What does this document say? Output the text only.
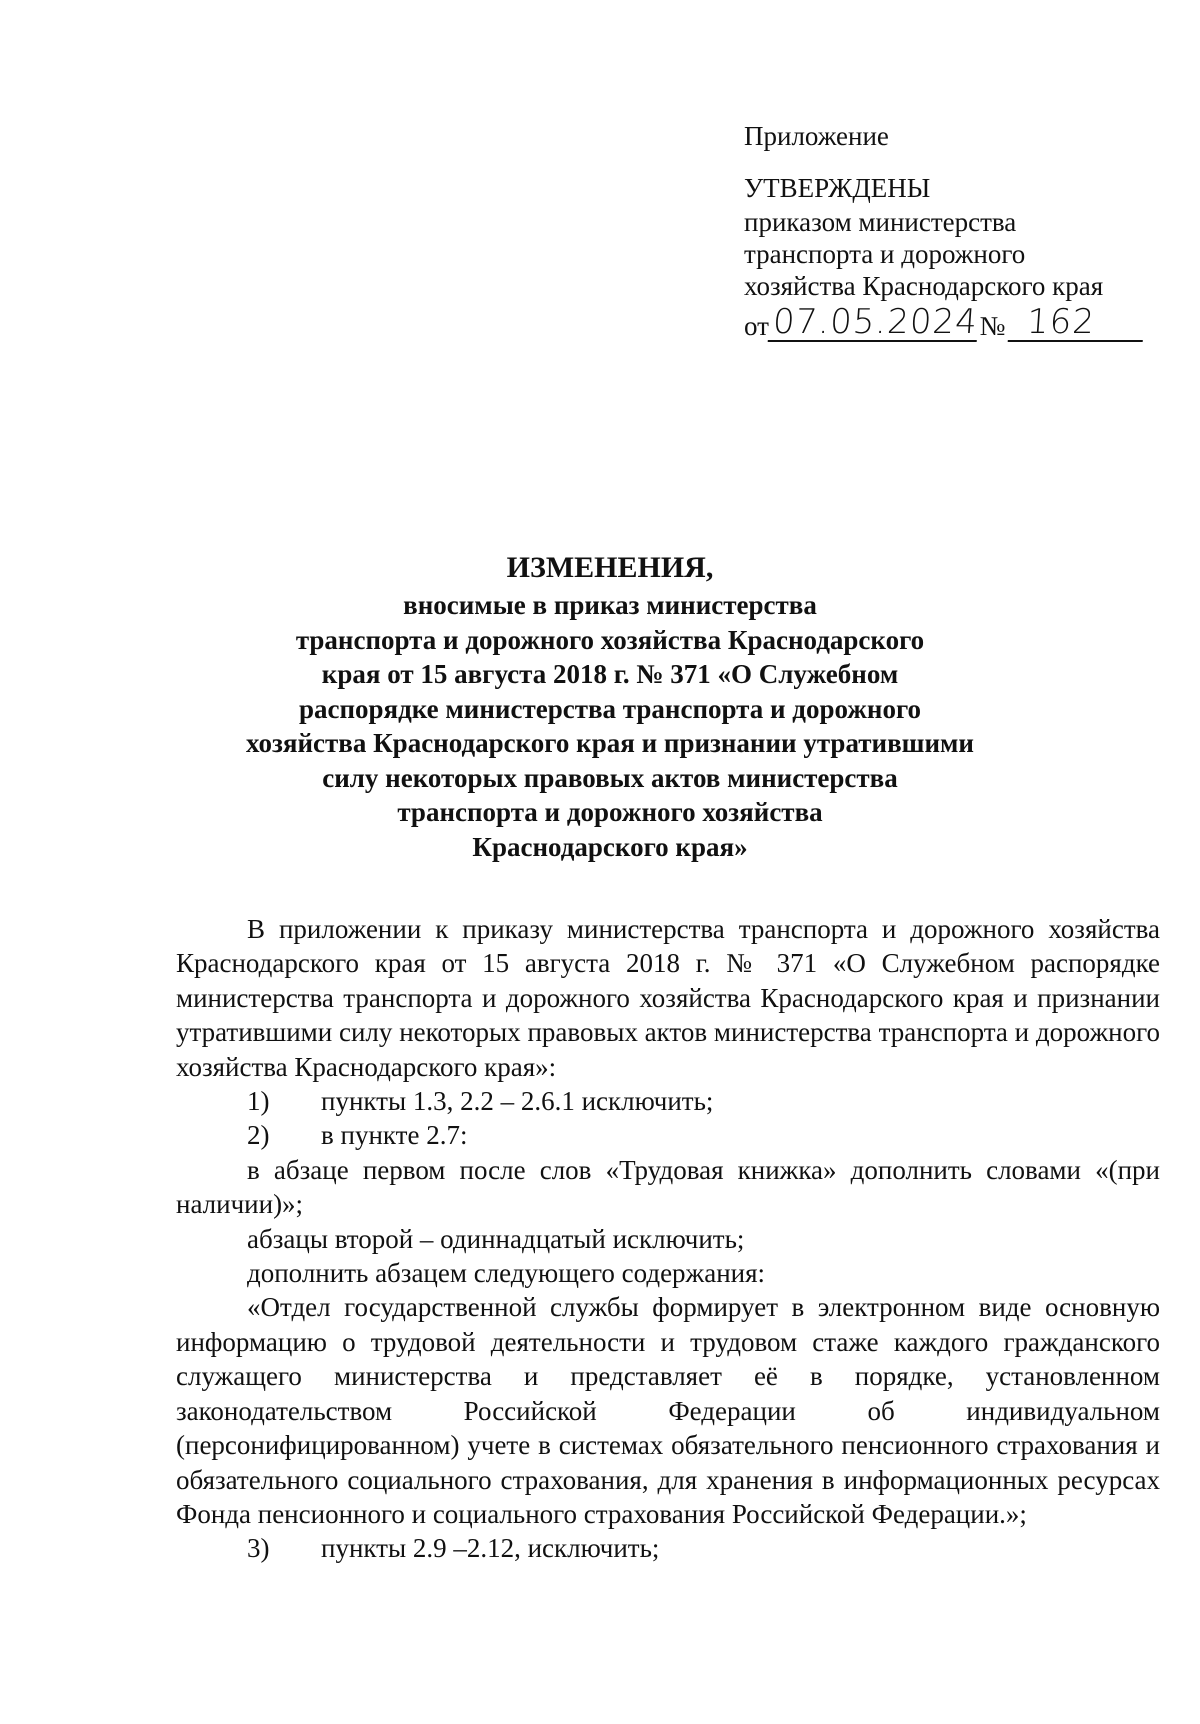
Приложение
УТВЕРЖДЕНЫ
приказом министерства
транспорта и дорожного
хозяйства Краснодарского края
от 07.05.2024 № 162
ИЗМЕНЕНИЯ,
вносимые в приказ министерства
транспорта и дорожного хозяйства Краснодарского
края от 15 августа 2018 г. № 371 «О Служебном
распорядке министерства транспорта и дорожного
хозяйства Краснодарского края и признании утратившими
силу некоторых правовых актов министерства
транспорта и дорожного хозяйства
Краснодарского края»

В приложении к приказу министерства транспорта и дорожного хозяйства Краснодарского края от 15 августа 2018 г. № 371 «О Служебном распорядке министерства транспорта и дорожного хозяйства Краснодарского края и признании утратившими силу некоторых правовых актов министерства транспорта и дорожного хозяйства Краснодарского края»:

1)	пункты 1.3, 2.2 – 2.6.1 исключить;
2)	в пункте 2.7:

в абзаце первом после слов «Трудовая книжка» дополнить словами «(при наличии)»;

абзацы второй – одиннадцатый исключить;

дополнить абзацем следующего содержания:

«Отдел государственной службы формирует в электронном виде основную информацию о трудовой деятельности и трудовом стаже каждого гражданского служащего министерства и представляет её в порядке, установленном законодательством Российской Федерации об индивидуальном (персонифицированном) учете в системах обязательного пенсионного страхования и обязательного социального страхования, для хранения в информационных ресурсах Фонда пенсионного и социального страхования Российской Федерации.»;

3)	пункты 2.9 –2.12, исключить;
